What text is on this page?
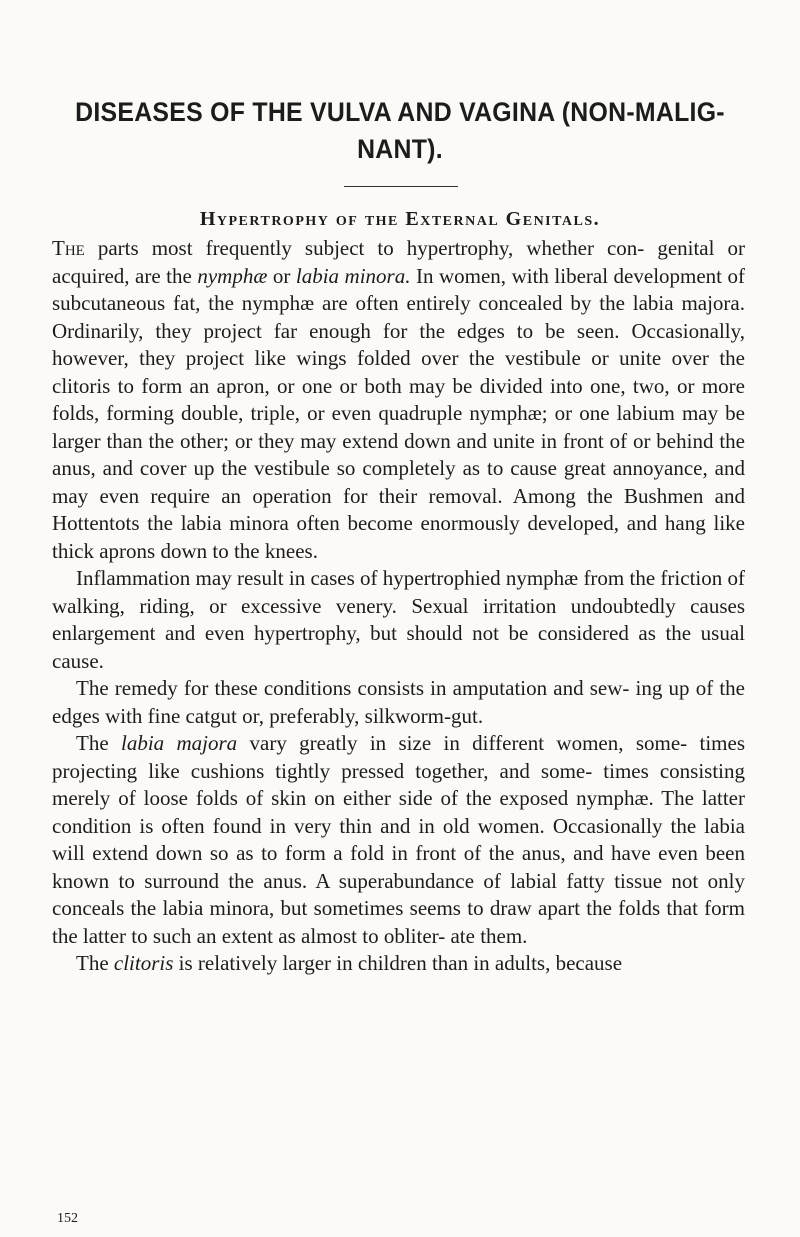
DISEASES OF THE VULVA AND VAGINA (NON-MALIG- NANT).
Hypertrophy of the External Genitals.

The parts most frequently subject to hypertrophy, whether con- genital or acquired, are the nymphæ or labia minora. In women, with liberal development of subcutaneous fat, the nymphæ are often entirely concealed by the labia majora. Ordinarily, they project far enough for the edges to be seen. Occasionally, however, they project like wings folded over the vestibule or unite over the clitoris to form an apron, or one or both may be divided into one, two, or more folds, forming double, triple, or even quadruple nymphæ; or one labium may be larger than the other; or they may extend down and unite in front of or behind the anus, and cover up the vestibule so completely as to cause great annoyance, and may even require an operation for their removal. Among the Bushmen and Hottentots the labia minora often become enormously developed, and hang like thick aprons down to the knees.

Inflammation may result in cases of hypertrophied nymphæ from the friction of walking, riding, or excessive venery. Sexual irritation undoubtedly causes enlargement and even hypertrophy, but should not be considered as the usual cause.

The remedy for these conditions consists in amputation and sew- ing up of the edges with fine catgut or, preferably, silkworm-gut.

The labia majora vary greatly in size in different women, some- times projecting like cushions tightly pressed together, and some- times consisting merely of loose folds of skin on either side of the exposed nymphæ. The latter condition is often found in very thin and in old women. Occasionally the labia will extend down so as to form a fold in front of the anus, and have even been known to surround the anus. A superabundance of labial fatty tissue not only conceals the labia minora, but sometimes seems to draw apart the folds that form the latter to such an extent as almost to obliter- ate them.

The clitoris is relatively larger in children than in adults, because

152
